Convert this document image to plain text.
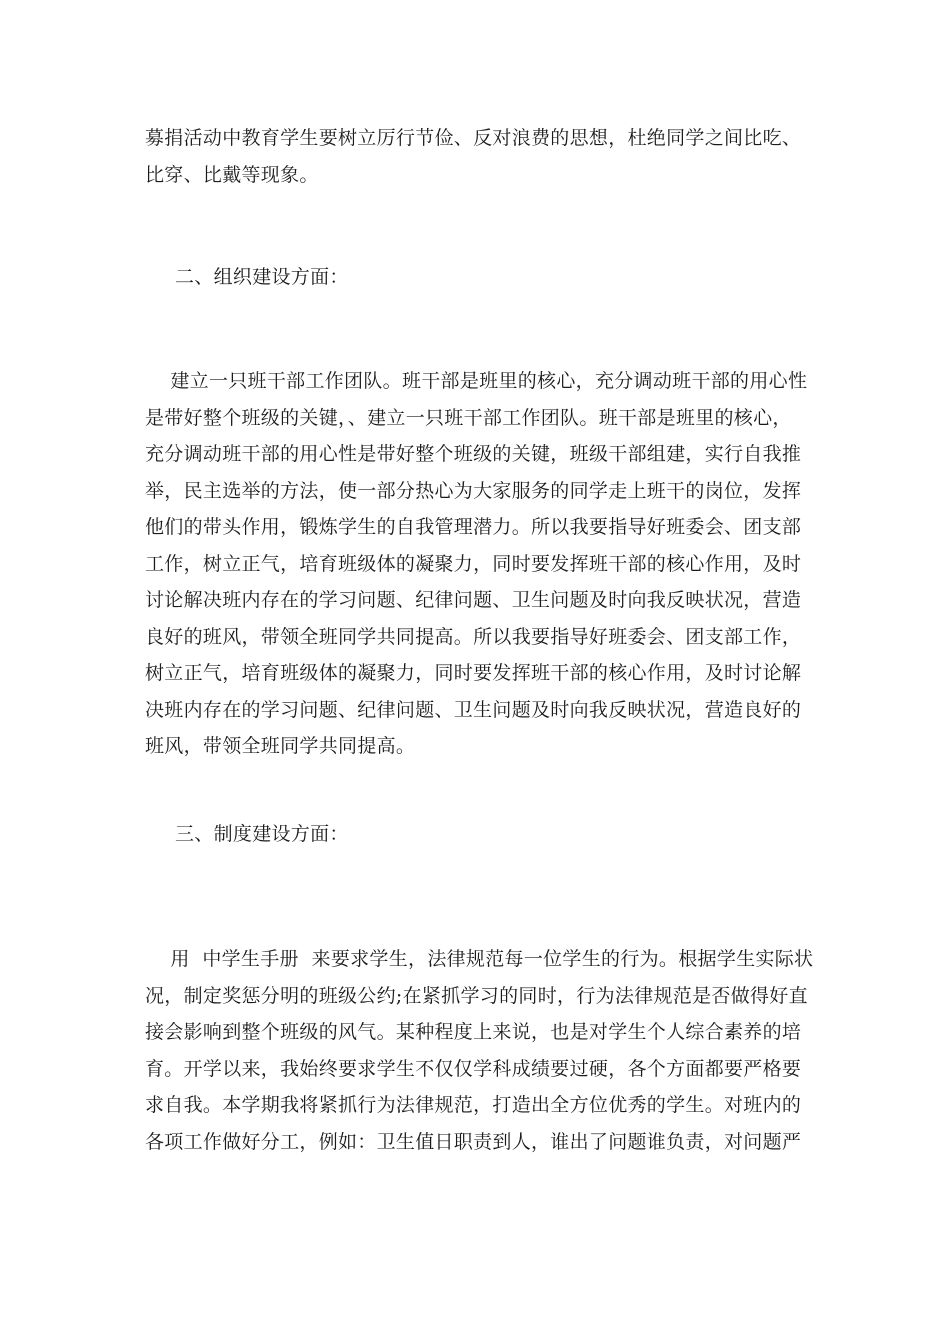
募捐活动中教育学生要树立厉行节俭、反对浪费的思想，杜绝同学之间比吃、
比穿、比戴等现象。

二、组织建设方面：

建立一只班干部工作团队。班干部是班里的核心，充分调动班干部的用心性
是带好整个班级的关键，、建立一只班干部工作团队。班干部是班里的核心，
充分调动班干部的用心性是带好整个班级的关键，班级干部组建，实行自我推
举，民主选举的方法，使一部分热心为大家服务的同学走上班干的岗位，发挥
他们的带头作用，锻炼学生的自我管理潜力。所以我要指导好班委会、团支部
工作，树立正气，培育班级体的凝聚力，同时要发挥班干部的核心作用，及时
讨论解决班内存在的学习问题、纪律问题、卫生问题及时向我反映状况，营造
良好的班风，带领全班同学共同提高。所以我要指导好班委会、团支部工作，
树立正气，培育班级体的凝聚力，同时要发挥班干部的核心作用，及时讨论解
决班内存在的学习问题、纪律问题、卫生问题及时向我反映状况，营造良好的
班风，带领全班同学共同提高。

三、制度建设方面：

用  中学生手册  来要求学生，法律规范每一位学生的行为。根据学生实际状
况，制定奖惩分明的班级公约;在紧抓学习的同时，行为法律规范是否做得好直
接会影响到整个班级的风气。某种程度上来说，也是对学生个人综合素养的培
育。开学以来，我始终要求学生不仅仅学科成绩要过硬，各个方面都要严格要
求自我。本学期我将紧抓行为法律规范，打造出全方位优秀的学生。对班内的
各项工作做好分工，例如：卫生值日职责到人，谁出了问题谁负责，对问题严
